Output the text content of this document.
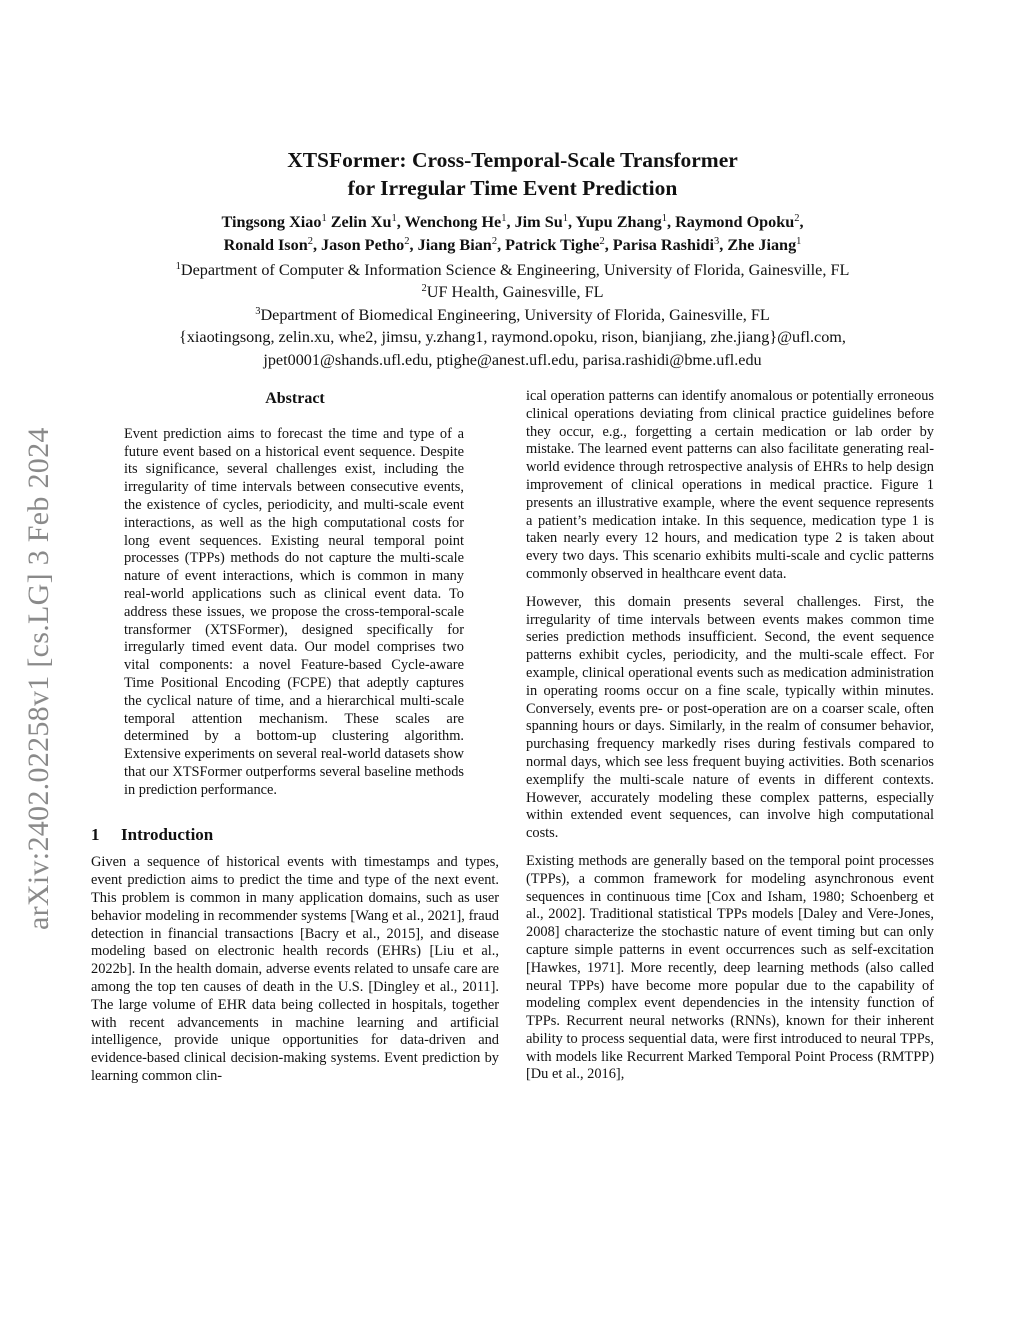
arXiv:2402.02258v1 [cs.LG] 3 Feb 2024
XTSFormer: Cross-Temporal-Scale Transformer
for Irregular Time Event Prediction
Tingsong Xiao$^1$ Zelin Xu$^1$, Wenchong He$^1$, Jim Su$^1$, Yupu Zhang$^1$, Raymond Opoku$^2$,
Ronald Ison$^2$, Jason Petho$^2$, Jiang Bian$^2$, Patrick Tighe$^2$, Parisa Rashidi$^3$, Zhe Jiang$^1$
$^1$Department of Computer & Information Science & Engineering, University of Florida, Gainesville, FL
$^2$UF Health, Gainesville, FL
$^3$Department of Biomedical Engineering, University of Florida, Gainesville, FL
{xiaotingsong, zelin.xu, whe2, jimsu, y.zhang1, raymond.opoku, rison, bianjiang, zhe.jiang}@ufl.com,
jpet0001@shands.ufl.edu, ptighe@anest.ufl.edu, parisa.rashidi@bme.ufl.edu
Abstract

Event prediction aims to forecast the time and type of a future event based on a historical event sequence. Despite its significance, several challenges exist, including the irregularity of time intervals between consecutive events, the existence of cycles, periodicity, and multi-scale event interactions, as well as the high computational costs for long event sequences. Existing neural temporal point processes (TPPs) methods do not capture the multi-scale nature of event interactions, which is common in many real-world applications such as clinical event data. To address these issues, we propose the cross-temporal-scale transformer (XTSFormer), designed specifically for irregularly timed event data. Our model comprises two vital components: a novel Feature-based Cycle-aware Time Positional Encoding (FCPE) that adeptly captures the cyclical nature of time, and a hierarchical multi-scale temporal attention mechanism. These scales are determined by a bottom-up clustering algorithm. Extensive experiments on several real-world datasets show that our XTSFormer outperforms several baseline methods in prediction performance.

1 Introduction

Given a sequence of historical events with timestamps and types, event prediction aims to predict the time and type of the next event. This problem is common in many application domains, such as user behavior modeling in recommender systems [Wang et al., 2021], fraud detection in financial transactions [Bacry et al., 2015], and disease modeling based on electronic health records (EHRs) [Liu et al., 2022b]. In the health domain, adverse events related to unsafe care are among the top ten causes of death in the U.S. [Dingley et al., 2011]. The large volume of EHR data being collected in hospitals, together with recent advancements in machine learning and artificial intelligence, provide unique opportunities for data-driven and evidence-based clinical decision-making systems. Event prediction by learning common clin-

ical operation patterns can identify anomalous or potentially erroneous clinical operations deviating from clinical practice guidelines before they occur, e.g., forgetting a certain medication or lab order by mistake. The learned event patterns can also facilitate generating real-world evidence through retrospective analysis of EHRs to help design improvement of clinical operations in medical practice. Figure 1 presents an illustrative example, where the event sequence represents a patient’s medication intake. In this sequence, medication type 1 is taken nearly every 12 hours, and medication type 2 is taken about every two days. This scenario exhibits multi-scale and cyclic patterns commonly observed in healthcare event data.

However, this domain presents several challenges. First, the irregularity of time intervals between events makes common time series prediction methods insufficient. Second, the event sequence patterns exhibit cycles, periodicity, and the multi-scale effect. For example, clinical operational events such as medication administration in operating rooms occur on a fine scale, typically within minutes. Conversely, events pre- or post-operation are on a coarser scale, often spanning hours or days. Similarly, in the realm of consumer behavior, purchasing frequency markedly rises during festivals compared to normal days, which see less frequent buying activities. Both scenarios exemplify the multi-scale nature of events in different contexts. However, accurately modeling these complex patterns, especially within extended event sequences, can involve high computational costs.

Existing methods are generally based on the temporal point processes (TPPs), a common framework for modeling asynchronous event sequences in continuous time [Cox and Isham, 1980; Schoenberg et al., 2002]. Traditional statistical TPPs models [Daley and Vere-Jones, 2008] characterize the stochastic nature of event timing but can only capture simple patterns in event occurrences such as self-excitation [Hawkes, 1971]. More recently, deep learning methods (also called neural TPPs) have become more popular due to the capability of modeling complex event dependencies in the intensity function of TPPs. Recurrent neural networks (RNNs), known for their inherent ability to process sequential data, were first introduced to neural TPPs, with models like Recurrent Marked Temporal Point Process (RMTPP) [Du et al., 2016],
